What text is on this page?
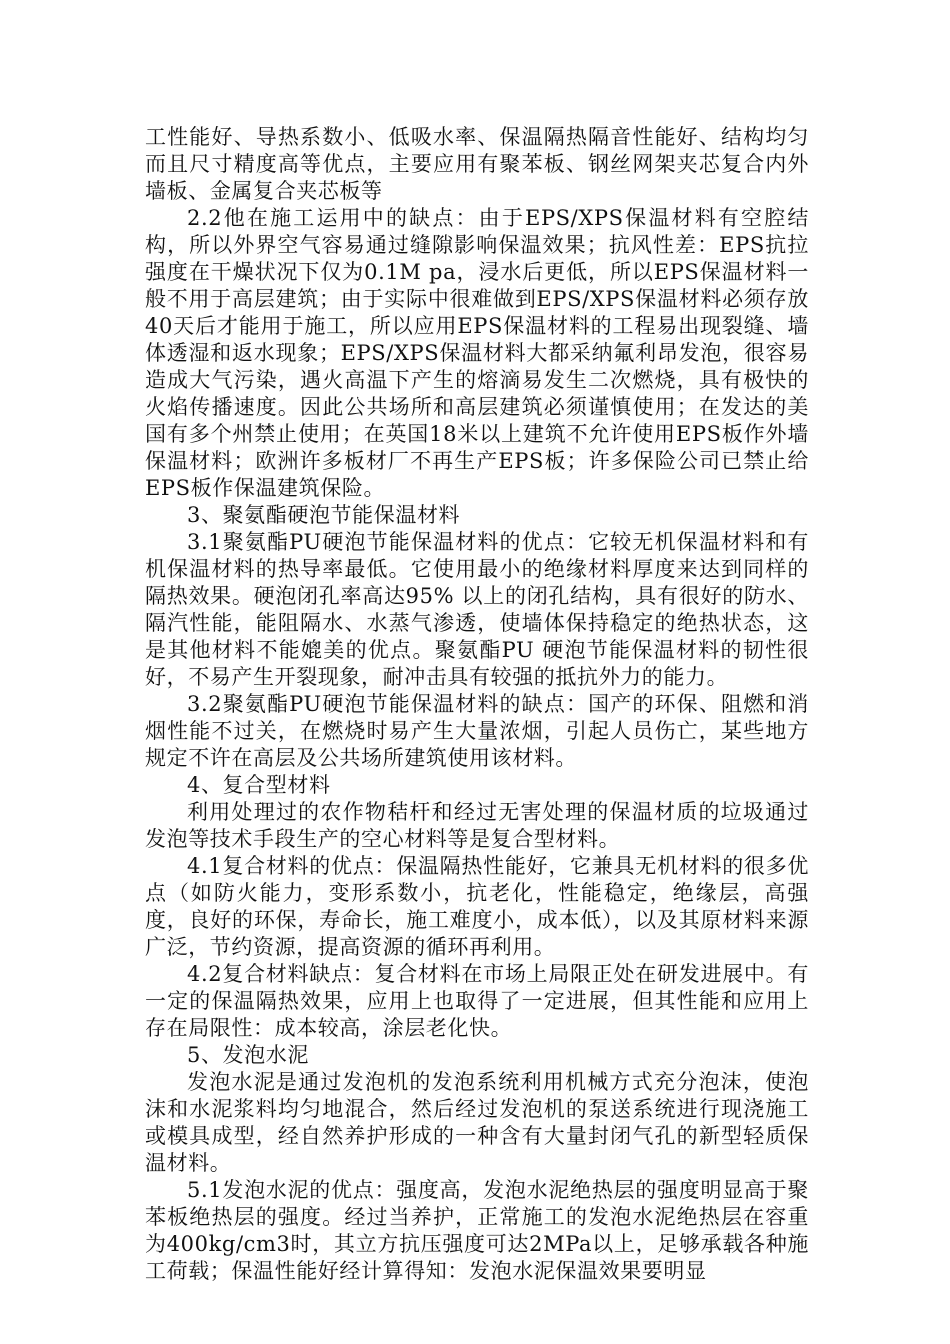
工性能好、导热系数小、低吸水率、保温隔热隔音性能好、结构均匀而且尺寸精度高等优点，主要应用有聚苯板、钢丝网架夹芯复合内外墙板、金属复合夹芯板等

2.2他在施工运用中的缺点：由于EPS/XPS保温材料有空腔结构，所以外界空气容易通过缝隙影响保温效果；抗风性差：EPS抗拉强度在干燥状况下仅为0.1M pa，浸水后更低，所以EPS保温材料一般不用于高层建筑；由于实际中很难做到EPS/XPS保温材料必须存放40天后才能用于施工，所以应用EPS保温材料的工程易出现裂缝、墙体透湿和返水现象；EPS/XPS保温材料大都采纳氟利昂发泡，很容易造成大气污染，遇火高温下产生的熔滴易发生二次燃烧，具有极快的火焰传播速度。因此公共场所和高层建筑必须谨慎使用；在发达的美国有多个州禁止使用；在英国18米以上建筑不允许使用EPS板作外墙保温材料；欧洲许多板材厂不再生产EPS板；许多保险公司已禁止给EPS板作保温建筑保险。

3、聚氨酯硬泡节能保温材料

3.1聚氨酯PU硬泡节能保温材料的优点：它较无机保温材料和有机保温材料的热导率最低。它使用最小的绝缘材料厚度来达到同样的隔热效果。硬泡闭孔率高达95% 以上的闭孔结构，具有很好的防水、隔汽性能，能阻隔水、水蒸气渗透，使墙体保持稳定的绝热状态，这是其他材料不能媲美的优点。聚氨酯PU 硬泡节能保温材料的韧性很好，不易产生开裂现象，耐冲击具有较强的抵抗外力的能力。

3.2聚氨酯PU硬泡节能保温材料的缺点：国产的环保、阻燃和消烟性能不过关，在燃烧时易产生大量浓烟，引起人员伤亡，某些地方规定不许在高层及公共场所建筑使用该材料。

4、复合型材料

利用处理过的农作物秸杆和经过无害处理的保温材质的垃圾通过发泡等技术手段生产的空心材料等是复合型材料。

4.1复合材料的优点：保温隔热性能好，它兼具无机材料的很多优点（如防火能力，变形系数小，抗老化，性能稳定，绝缘层，高强度，良好的环保，寿命长，施工难度小，成本低），以及其原材料来源广泛，节约资源，提高资源的循环再利用。

4.2复合材料缺点：复合材料在市场上局限正处在研发进展中。有一定的保温隔热效果，应用上也取得了一定进展，但其性能和应用上存在局限性：成本较高，涂层老化快。

5、发泡水泥

发泡水泥是通过发泡机的发泡系统利用机械方式充分泡沫，使泡沫和水泥浆料均匀地混合，然后经过发泡机的泵送系统进行现浇施工或模具成型，经自然养护形成的一种含有大量封闭气孔的新型轻质保温材料。

5.1发泡水泥的优点：强度高，发泡水泥绝热层的强度明显高于聚苯板绝热层的强度。经过当养护，正常施工的发泡水泥绝热层在容重为400kg/cm3时，其立方抗压强度可达2MPa以上，足够承载各种施工荷载；保温性能好经计算得知：发泡水泥保温效果要明显
